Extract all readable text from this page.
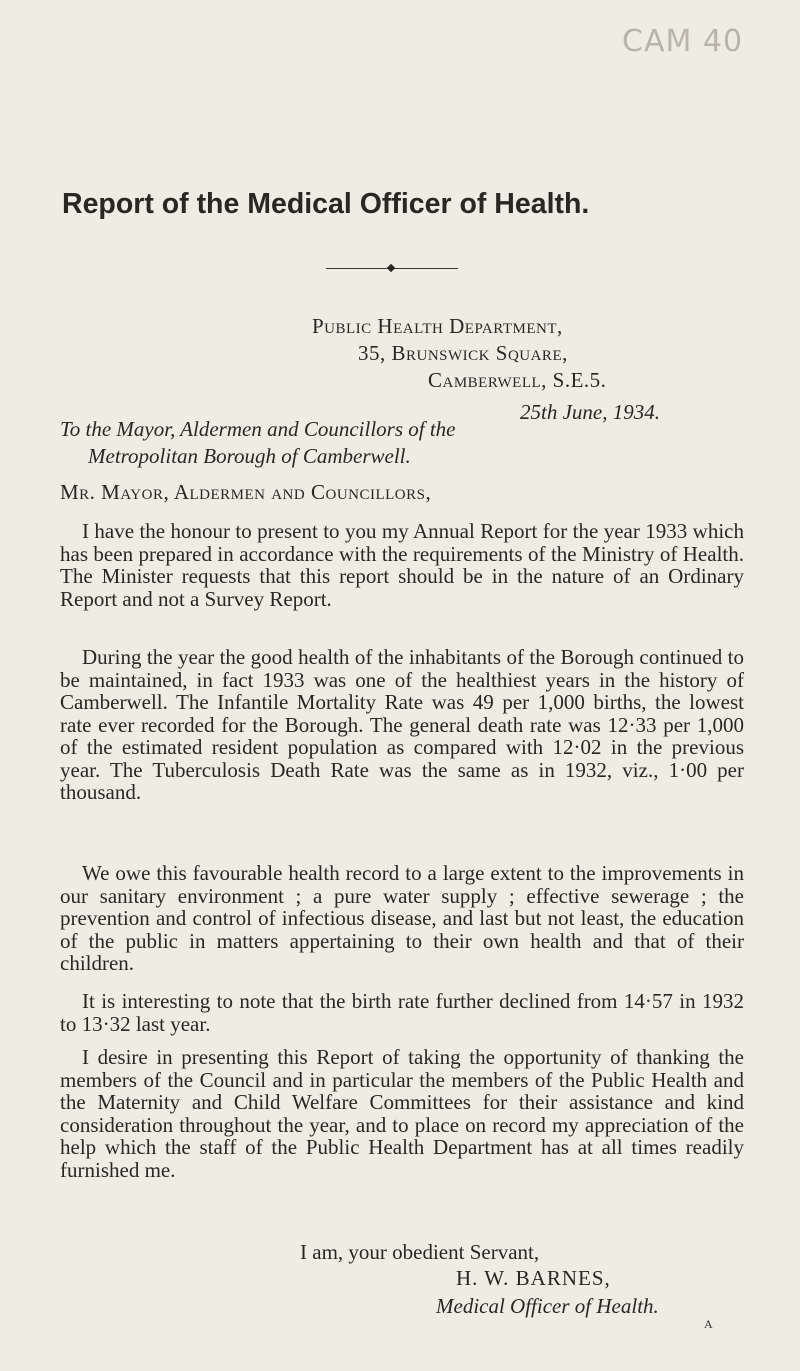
CAM 40
Report of the Medical Officer of Health.
Public Health Department,
35, Brunswick Square,
Camberwell, S.E.5.
25th June, 1934.
To the Mayor, Aldermen and Councillors of the
Metropolitan Borough of Camberwell.
Mr. Mayor, Aldermen and Councillors,

I have the honour to present to you my Annual Report for the year 1933 which has been prepared in accordance with the requirements of the Ministry of Health. The Minister requests that this report should be in the nature of an Ordinary Report and not a Survey Report.

During the year the good health of the inhabitants of the Borough continued to be maintained, in fact 1933 was one of the healthiest years in the history of Camberwell. The Infantile Mortality Rate was 49 per 1,000 births, the lowest rate ever recorded for the Borough. The general death rate was 12·33 per 1,000 of the estimated resident population as compared with 12·02 in the previous year. The Tuberculosis Death Rate was the same as in 1932, viz., 1·00 per thousand.

We owe this favourable health record to a large extent to the improvements in our sanitary environment ; a pure water supply ; effective sewerage ; the prevention and control of infectious disease, and last but not least, the education of the public in matters appertaining to their own health and that of their children.

It is interesting to note that the birth rate further declined from 14·57 in 1932 to 13·32 last year.

I desire in presenting this Report of taking the opportunity of thanking the members of the Council and in particular the members of the Public Health and the Maternity and Child Welfare Committees for their assistance and kind consideration throughout the year, and to place on record my appreciation of the help which the staff of the Public Health Department has at all times readily furnished me.

I am, your obedient Servant,
H. W. BARNES,
Medical Officer of Health.
A
